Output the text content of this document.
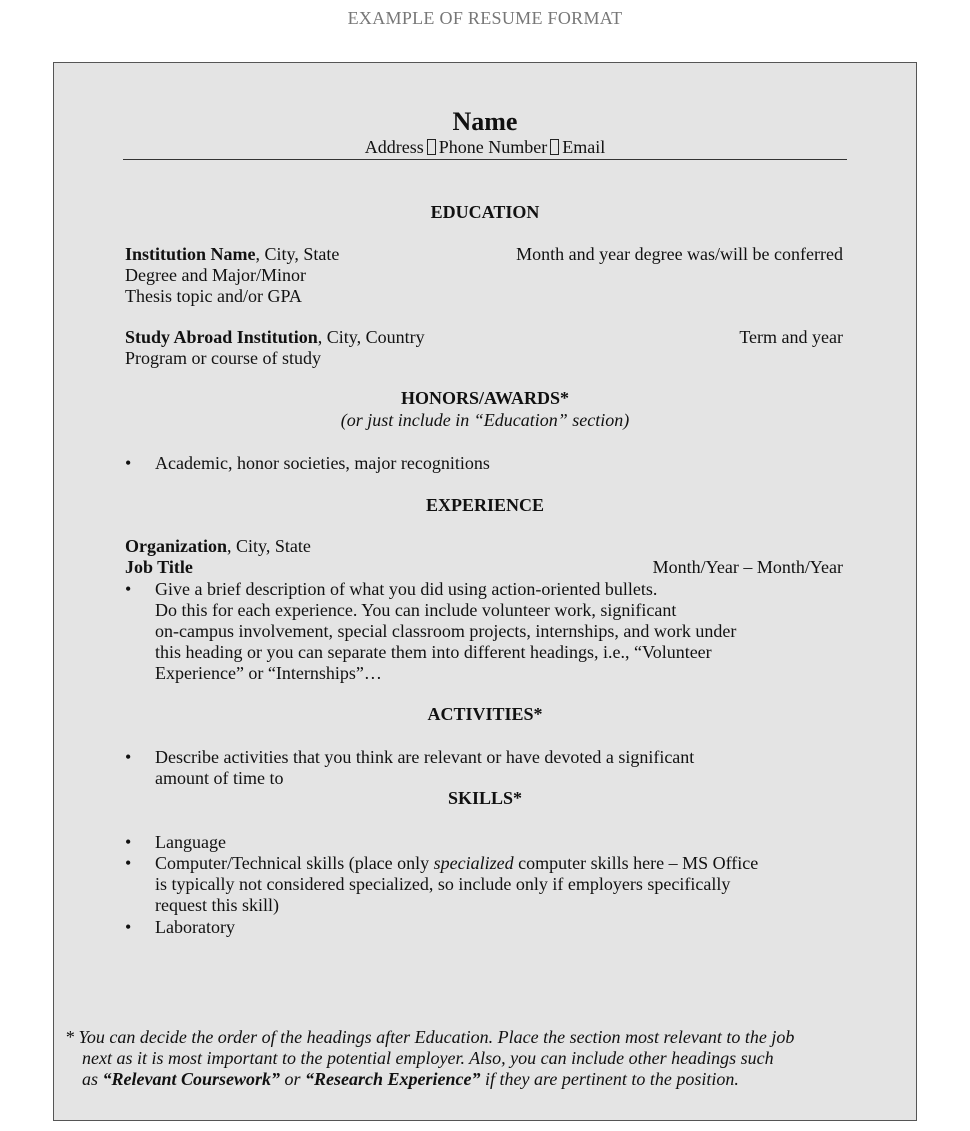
EXAMPLE OF RESUME FORMAT
Name
Address Phone Number Email
EDUCATION
Institution Name, City, State	Month and year degree was/will be conferred
Degree and Major/Minor
Thesis topic and/or GPA
Study Abroad Institution, City, Country	Term and year
Program or course of study
HONORS/AWARDS*
(or just include in “Education” section)
• Academic, honor societies, major recognitions
EXPERIENCE
Organization, City, State
Job Title	Month/Year – Month/Year
• Give a brief description of what you did using action-oriented bullets.
Do this for each experience. You can include volunteer work, significant
on-campus involvement, special classroom projects, internships, and work under
this heading or you can separate them into different headings, i.e., “Volunteer
Experience” or “Internships”…
ACTIVITIES*
• Describe activities that you think are relevant or have devoted a significant
amount of time to
SKILLS*
• Language
• Computer/Technical skills (place only specialized computer skills here – MS Office
is typically not considered specialized, so include only if employers specifically
request this skill)
• Laboratory
* You can decide the order of the headings after Education. Place the section most relevant to the job
next as it is most important to the potential employer. Also, you can include other headings such
as “Relevant Coursework” or “Research Experience” if they are pertinent to the position.
